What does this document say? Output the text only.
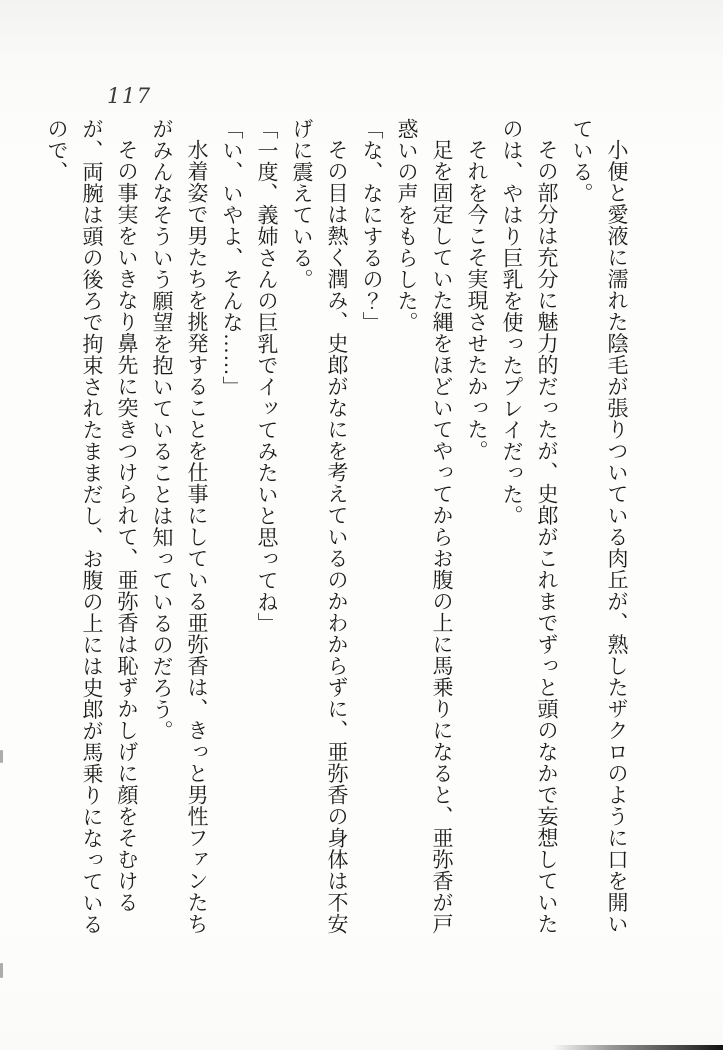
117

小便と愛液に濡れた陰毛が張りついている肉丘が、熟したザクロのように口を開いている。

その部分は充分に魅力的だったが、史郎がこれまでずっと頭のなかで妄想していたのは、やはり巨乳を使ったプレイだった。

それを今こそ実現させたかった。

足を固定していた縄をほどいてやってからお腹の上に馬乗りになると、亜弥香が戸惑いの声をもらした。

「な、なにするの？」

その目は熱く潤み、史郎がなにを考えているのかわからずに、亜弥香の身体は不安げに震えている。

「一度、義姉さんの巨乳でイッてみたいと思ってね」

「い、いやよ、そんな……」

水着姿で男たちを挑発することを仕事にしている亜弥香は、きっと男性ファンたちがみんなそういう願望を抱いていることは知っているのだろう。

その事実をいきなり鼻先に突きつけられて、亜弥香は恥ずかしげに顔をそむけるが、両腕は頭の後ろで拘束されたままだし、お腹の上には史郎が馬乗りになっているので、
